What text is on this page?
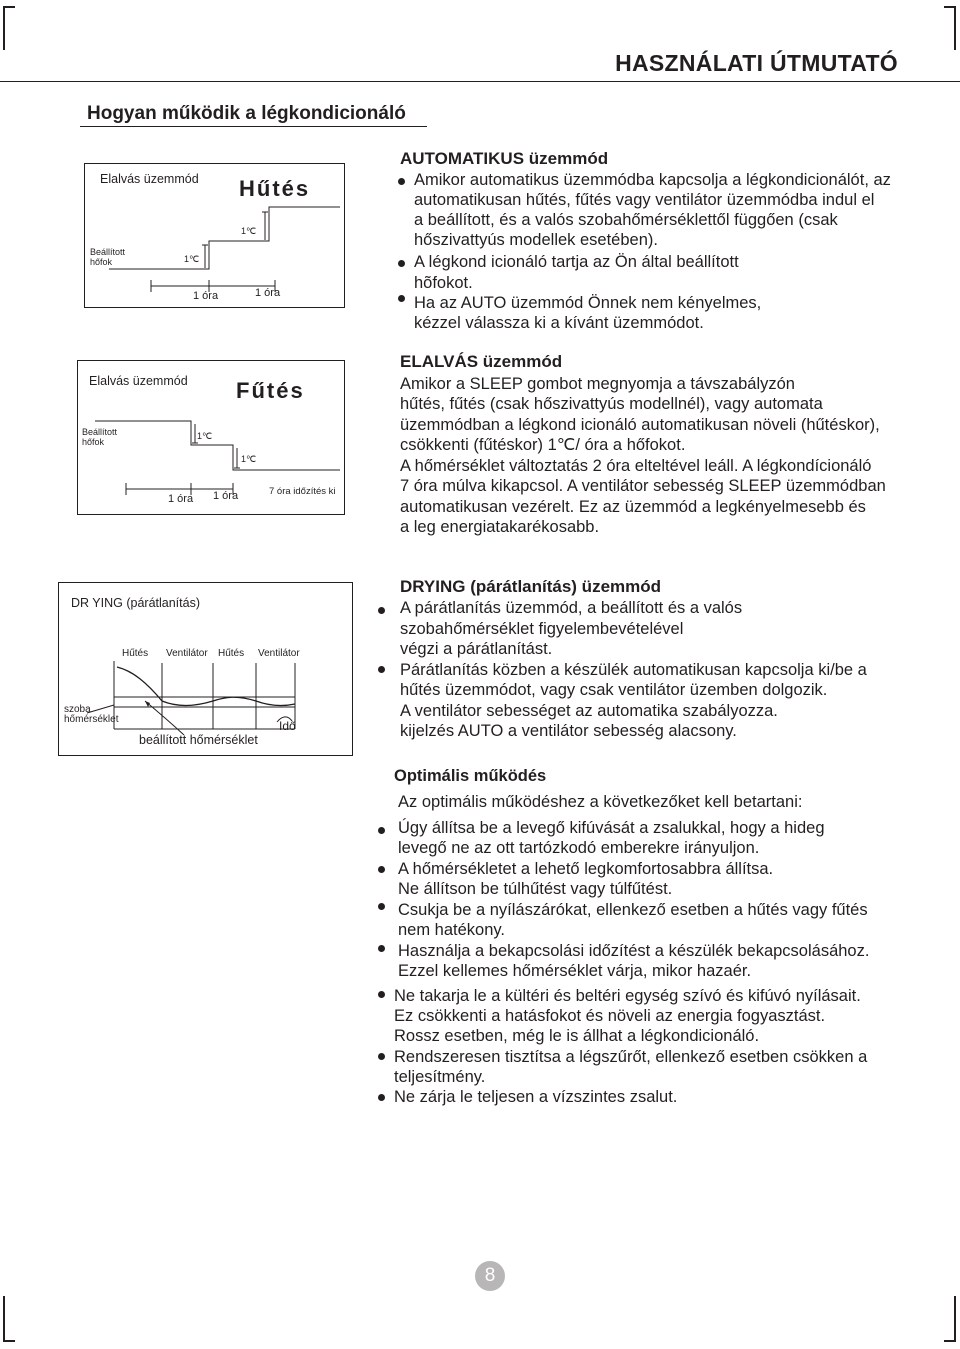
HASZNÁLATI ÚTMUTATÓ
Hogyan működik a légkondicionáló
Elalvás üzemmód Hűtés
Beállított
hőfok	1℃
1℃
1 óra	1 óra
Elalvás üzemmód Fűtés
Beállított
hőfok
1℃
1℃
1 óra 1 óra	7 óra időzítés ki
DR YING (párátlanítás)
Hűtés Ventilátor Hűtés Ventilátor
szoba
hőmérséklet	Idő
beállított hőmérséklet
AUTOMATIKUS üzemmód
Amikor automatikus üzemmódba kapcsolja a légkondicionálót, az
automatikusan hűtés, fűtés vagy ventilátor üzemmódba indul el
a beállított, és a valós szobahőmérséklettől függően (csak
hőszivattyús modellek esetében).
A légkond icionáló tartja az Ön által beállított
hõfokot.
Ha az AUTO üzemmód Önnek nem kényelmes,
kézzel válassza ki a kívánt üzemmódot.
ELALVÁS üzemmód
Amikor a SLEEP gombot megnyomja a távszabályzón
hűtés, fűtés (csak hőszivattyús modellnél), vagy automata
üzemmódban a légkond icionáló automatikusan növeli (hűtéskor),
csökkenti (fűtéskor) 1℃/ óra a hőfokot.
A hőmérséklet változtatás 2 óra elteltével leáll. A légkondícionáló
7 óra múlva kikapcsol. A ventilátor sebesség SLEEP üzemmódban
automatikusan vezérelt. Ez az üzemmód a legkényelmesebb és
a leg energiatakarékosabb.
DRYING (párátlanítás) üzemmód
A párátlanítás üzemmód, a beállított és a valós
szobahőmérséklet figyelembevételével
végzi a párátlanítást.
Párátlanítás közben a készülék automatikusan kapcsolja ki/be a
hűtés üzemmódot, vagy csak ventilátor üzemben dolgozik.
A ventilátor sebességet az automatika szabályozza.
kijelzés AUTO a ventilátor sebesség alacsony.
Optimális működés
Az optimális működéshez a következőket kell betartani:
Úgy állítsa be a levegő kifúvását a zsalukkal, hogy a hideg
levegő ne az ott tartózkodó emberekre irányuljon.
A hőmérsékletet a lehető legkomfortosabbra állítsa.
Ne állítson be túlhűtést vagy túlfűtést.
Csukja be a nyílászárókat, ellenkező esetben a hűtés vagy fűtés
nem hatékony.
Használja a bekapcsolási időzítést a készülék bekapcsolásához.
Ezzel kellemes hőmérséklet várja, mikor hazaér.
Ne takarja le a kültéri és beltéri egység szívó és kifúvó nyílásait.
Ez csökkenti a hatásfokot és növeli az energia fogyasztást.
Rossz esetben, még le is állhat a légkondicionáló.
Rendszeresen tisztítsa a légszűrőt, ellenkező esetben csökken a
teljesítmény.
Ne zárja le teljesen a vízszintes zsalut.
8
